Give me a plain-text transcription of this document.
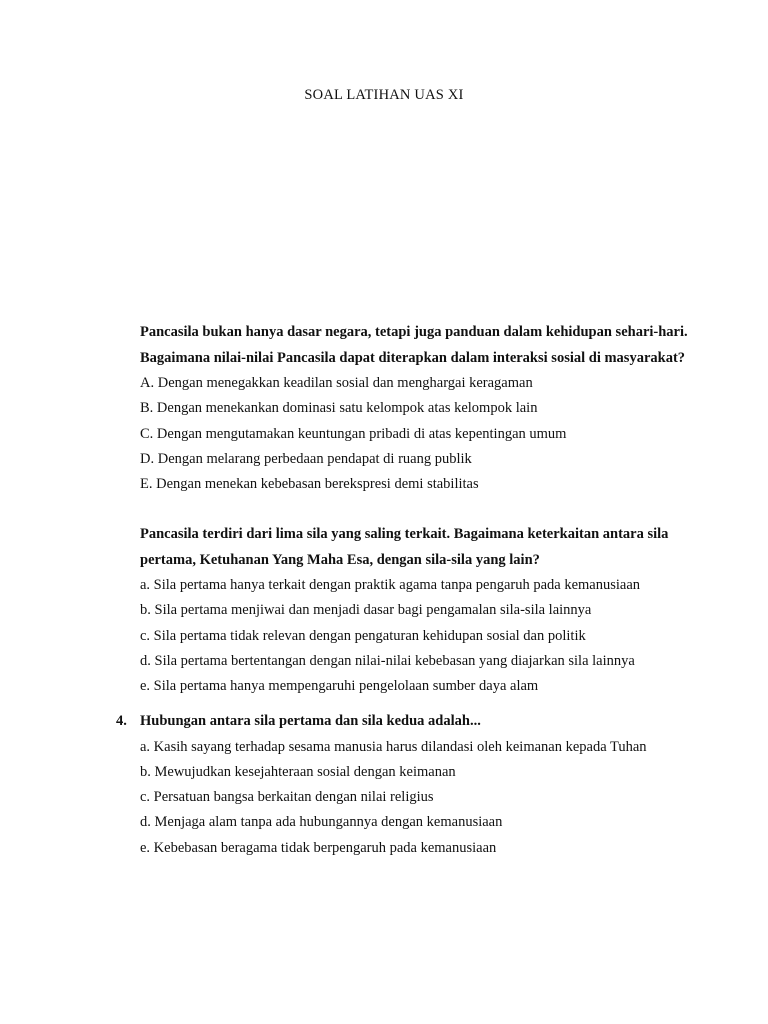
SOAL LATIHAN UAS XI

Pancasila bukan hanya dasar negara, tetapi juga panduan dalam kehidupan sehari-hari. Bagaimana nilai-nilai Pancasila dapat diterapkan dalam interaksi sosial di masyarakat?

A. Dengan menegakkan keadilan sosial dan menghargai keragaman
B. Dengan menekankan dominasi satu kelompok atas kelompok lain
C. Dengan mengutamakan keuntungan pribadi di atas kepentingan umum
D. Dengan melarang perbedaan pendapat di ruang publik
E. Dengan menekan kebebasan berekspresi demi stabilitas

Pancasila terdiri dari lima sila yang saling terkait. Bagaimana keterkaitan antara sila pertama, Ketuhanan Yang Maha Esa, dengan sila-sila yang lain?

a. Sila pertama hanya terkait dengan praktik agama tanpa pengaruh pada kemanusiaan
b. Sila pertama menjiwai dan menjadi dasar bagi pengamalan sila-sila lainnya
c. Sila pertama tidak relevan dengan pengaturan kehidupan sosial dan politik
d. Sila pertama bertentangan dengan nilai-nilai kebebasan yang diajarkan sila lainnya
e. Sila pertama hanya mempengaruhi pengelolaan sumber daya alam
4. Hubungan antara sila pertama dan sila kedua adalah...

a. Kasih sayang terhadap sesama manusia harus dilandasi oleh keimanan kepada Tuhan
b. Mewujudkan kesejahteraan sosial dengan keimanan
c. Persatuan bangsa berkaitan dengan nilai religius
d. Menjaga alam tanpa ada hubungannya dengan kemanusiaan
e. Kebebasan beragama tidak berpengaruh pada kemanusiaan
